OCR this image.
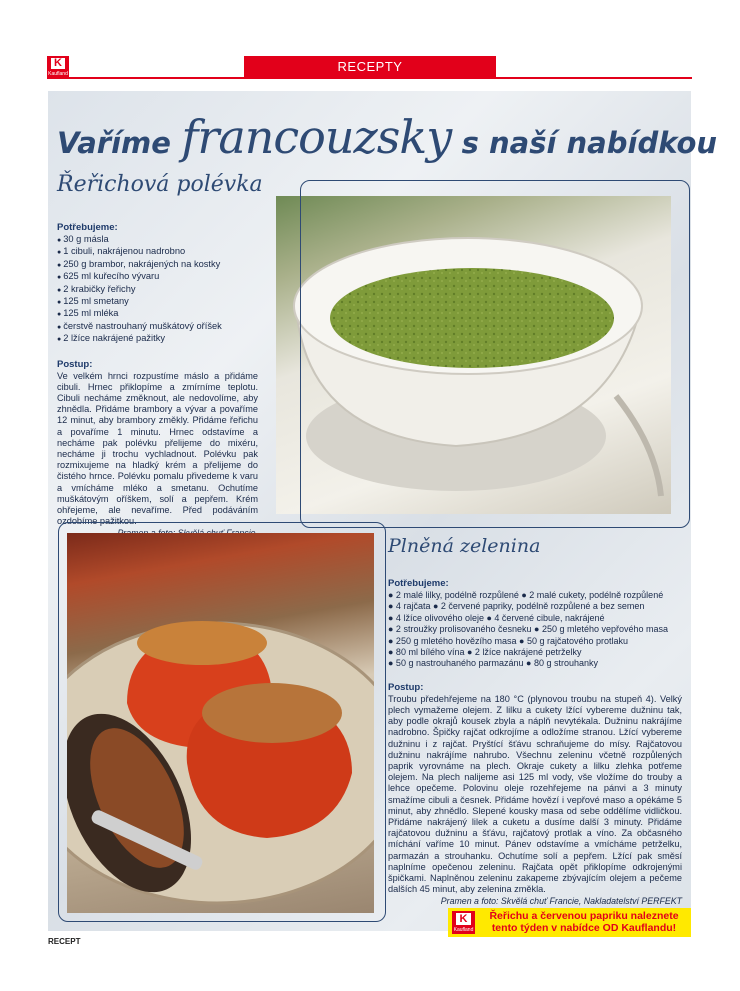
K
Kaufland	RECEPTY
Vaříme francouzsky s naší nabídkou
Řeřichová polévka

Potřebujeme:

● 30 g másla
● 1 cibuli, nakrájenou nadrobno
● 250 g brambor, nakrájených na kostky
● 625 ml kuřecího vývaru
● 2 krabičky řeřichy
● 125 ml smetany
● 125 ml mléka
● čerstvě nastrouhaný muškátový oříšek
● 2 lžíce nakrájené pažitky

Postup:

Ve velkém hrnci rozpustíme máslo a přidáme cibuli. Hrnec přiklopíme a zmírníme teplotu. Cibuli necháme změknout, ale nedovolíme, aby zhnědla. Přidáme brambory a vývar a povaříme 12 minut, aby brambory změkly. Přidáme řeřichu a povaříme 1 minutu. Hrnec odstavíme a necháme pak polévku přelijeme do mixéru, necháme ji trochu vychladnout. Polévku pak rozmixujeme na hladký krém a přelijeme do čistého hrnce. Polévku pomalu přivedeme k varu a vmícháme mléko a smetanu. Ochutíme muškátovým oříškem, solí a pepřem. Krém ohřejeme, ale nevaříme. Před podáváním ozdobíme pažitkou.

Plněná zelenina

Potřebujeme:

● 2 malé lilky, podélně rozpůlené ● 2 malé cukety, podélně rozpůlené

● 4 rajčata ● 2 červené papriky, podélně rozpůlené a bez semen

● 4 lžíce olivového oleje ● 4 červené cibule, nakrájené

● 2 stroužky prolisovaného česneku ● 250 g mletého vepřového masa

● 250 g mletého hovězího masa ● 50 g rajčatového protlaku

● 80 ml bílého vína ● 2 lžíce nakrájené petrželky

● 50 g nastrouhaného parmazánu ● 80 g strouhanky

Postup:

Troubu předehřejeme na 180 °C (plynovou troubu na stupeň 4). Velký plech vymažeme olejem. Z lilku a cukety lžící vybereme dužninu tak, aby podle okrajů kousek zbyla a náplň nevytékala. Dužninu nakrájíme nadrobno. Špičky rajčat odkrojíme a odložíme stranou. Lžící vybereme dužninu i z rajčat. Pryštící šťávu schraňujeme do mísy. Rajčatovou dužninu nakrájíme nahrubo. Všechnu zeleninu včetně rozpůlených paprik vyrovnáme na plech. Okraje cukety a lilku zlehka potřeme olejem. Na plech nalijeme asi 125 ml vody, vše vložíme do trouby a lehce opečeme. Polovinu oleje rozehřejeme na pánvi a 3 minuty smažíme cibuli a česnek. Přidáme hovězí i vepřové maso a opékáme 5 minut, aby zhnědlo. Slepené kousky masa od sebe oddělíme vidličkou. Přidáme nakrájený lilek a cuketu a dusíme další 3 minuty. Přidáme rajčatovou dužninu a šťávu, rajčatový protlak a víno. Za občasného míchání vaříme 10 minut. Pánev odstavíme a vmícháme petrželku, parmazán a strouhanku. Ochutíme solí a pepřem. Lžící pak směsí naplníme opečenou zeleninu. Rajčata opět přiklopíme odkrojenými špičkami. Naplněnou zeleninu zakapeme zbývajícím olejem a pečeme dalších 45 minut, aby zelenina změkla.

Pramen a foto: Skvělá chuť Francie, Nakladatelství PERFEKT

K
Kaufland
Řeřichu a červenou papriku naleznete
tento týden v nabídce OD Kauflandu!
RECEPT
